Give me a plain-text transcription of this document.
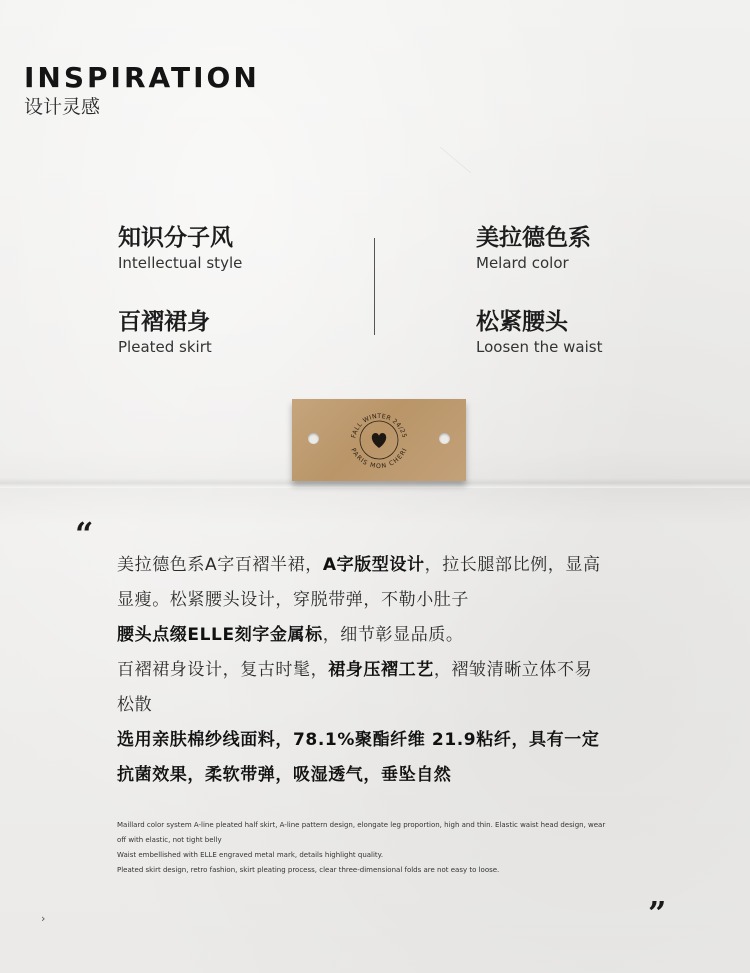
INSPIRATION
设计灵感
知识分子风
Intellectual style
美拉德色系
Melard color
百褶裙身
Pleated skirt
松紧腰头
Loosen the waist
FALL WINTER 24/25
PARIS MON CHERI
“
美拉德色系A字百褶半裙，A字版型设计，拉长腿部比例，显高
显瘦。松紧腰头设计，穿脱带弹，不勒小肚子
腰头点缀ELLE刻字金属标，细节彰显品质。
百褶裙身设计，复古时髦，裙身压褶工艺，褶皱清晰立体不易
松散
选用亲肤棉纱线面料，78.1%聚酯纤维 21.9粘纤，具有一定
抗菌效果，柔软带弹，吸湿透气，垂坠自然
Maillard color system A-line pleated half skirt, A-line pattern design, elongate leg proportion, high and thin. Elastic waist head design, wear
off with elastic, not tight belly
Waist embellished with ELLE engraved metal mark, details highlight quality.
Pleated skirt design, retro fashion, skirt pleating process, clear three-dimensional folds are not easy to loose.
›	”
